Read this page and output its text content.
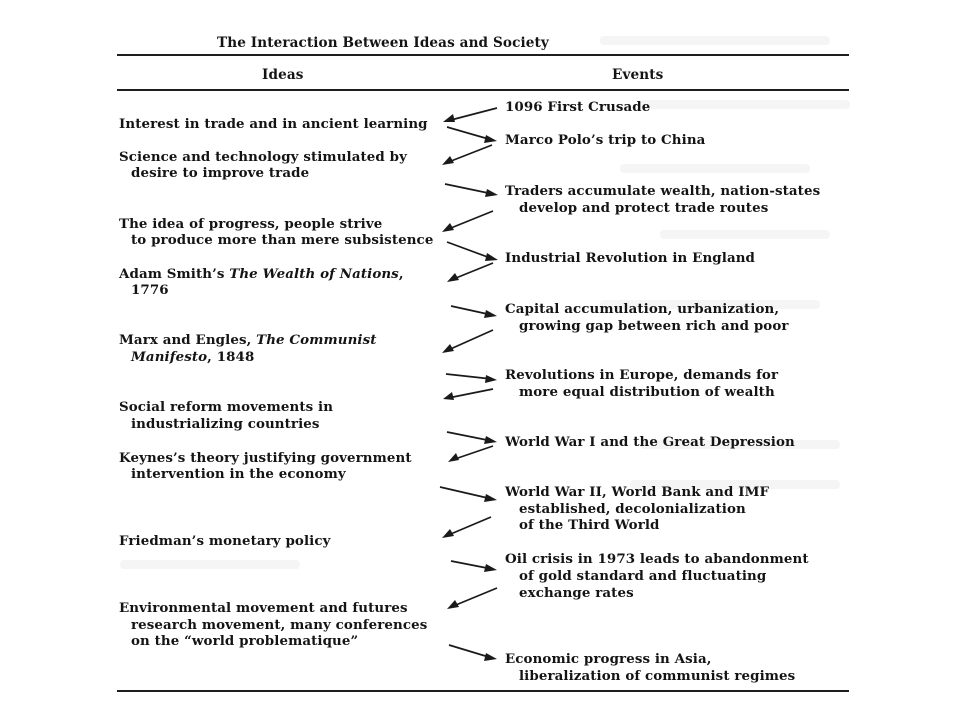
The Interaction Between Ideas and Society
Ideas	Events
Interest in trade and in ancient learning
Science and technology stimulated by
desire to improve trade
The idea of progress, people strive
to produce more than mere subsistence
Adam Smith’s The Wealth of Nations,
1776
Marx and Engles, The Communist
Manifesto, 1848
Social reform movements in
industrializing countries
Keynes’s theory justifying government
intervention in the economy
Friedman’s monetary policy
Environmental movement and futures
research movement, many conferences
on the “world problematique”
1096 First Crusade
Marco Polo’s trip to China
Traders accumulate wealth, nation-states
develop and protect trade routes
Industrial Revolution in England
Capital accumulation, urbanization,
growing gap between rich and poor
Revolutions in Europe, demands for
more equal distribution of wealth
World War I and the Great Depression
World War II, World Bank and IMF
established, decolonialization
of the Third World
Oil crisis in 1973 leads to abandonment
of gold standard and fluctuating
exchange rates
Economic progress in Asia,
liberalization of communist regimes
